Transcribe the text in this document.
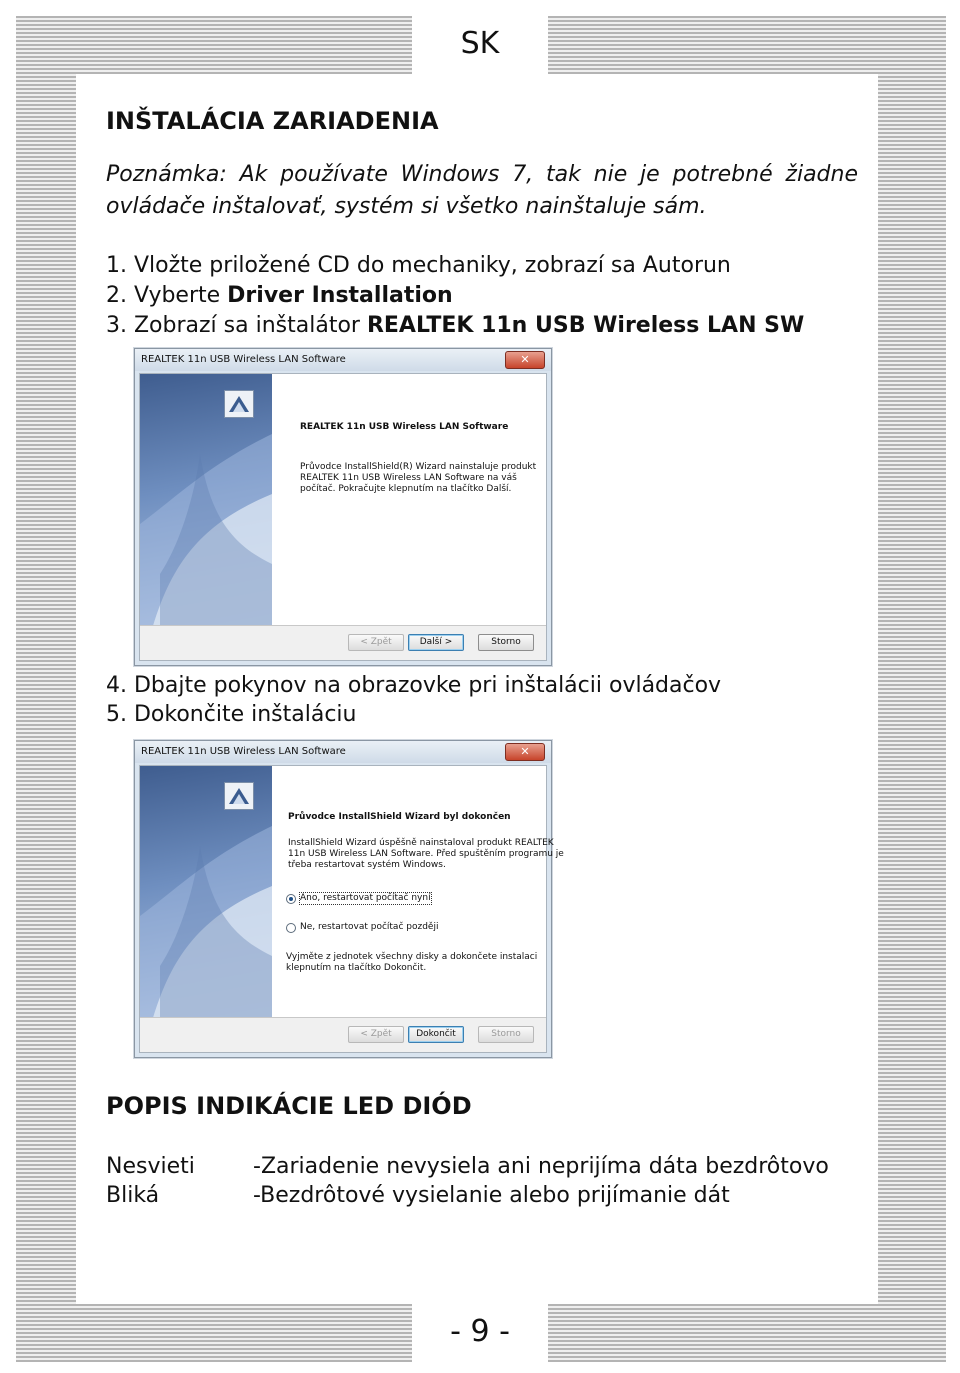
SK
INŠTALÁCIA ZARIADENIA
Poznámka: Ak používate Windows 7, tak nie je potrebné žiadne
ovládače inštalovať, systém si všetko nainštaluje sám.
1. Vložte priložené CD do mechaniky, zobrazí sa Autorun
2. Vyberte Driver Installation
3. Zobrazí sa inštalátor REALTEK 11n USB Wireless LAN SW
REALTEK 11n USB Wireless LAN Software	✕
REALTEK 11n USB Wireless LAN Software
Průvodce InstallShield(R) Wizard nainstaluje produkt
REALTEK 11n USB Wireless LAN Software na váš
počítač. Pokračujte klepnutím na tlačítko Další.
< Zpět	Další >	Storno
4. Dbajte pokynov na obrazovke pri inštalácii ovládačov
5. Dokončite inštaláciu
REALTEK 11n USB Wireless LAN Software	✕
Průvodce InstallShield Wizard byl dokončen
InstallShield Wizard úspěšně nainstaloval produkt REALTEK
11n USB Wireless LAN Software. Před spuštěním programu je
třeba restartovat systém Windows.
Ano, restartovat počítač nyní
Ne, restartovat počítač později
Vyjměte z jednotek všechny disky a dokončete instalaci
klepnutím na tlačítko Dokončit.
< Zpět	Dokončit	Storno
POPIS INDIKÁCIE LED DIÓD
Nesvieti	-Zariadenie nevysiela ani neprijíma dáta bezdrôtovo
Bliká	-Bezdrôtové vysielanie alebo prijímanie dát
- 9 -
